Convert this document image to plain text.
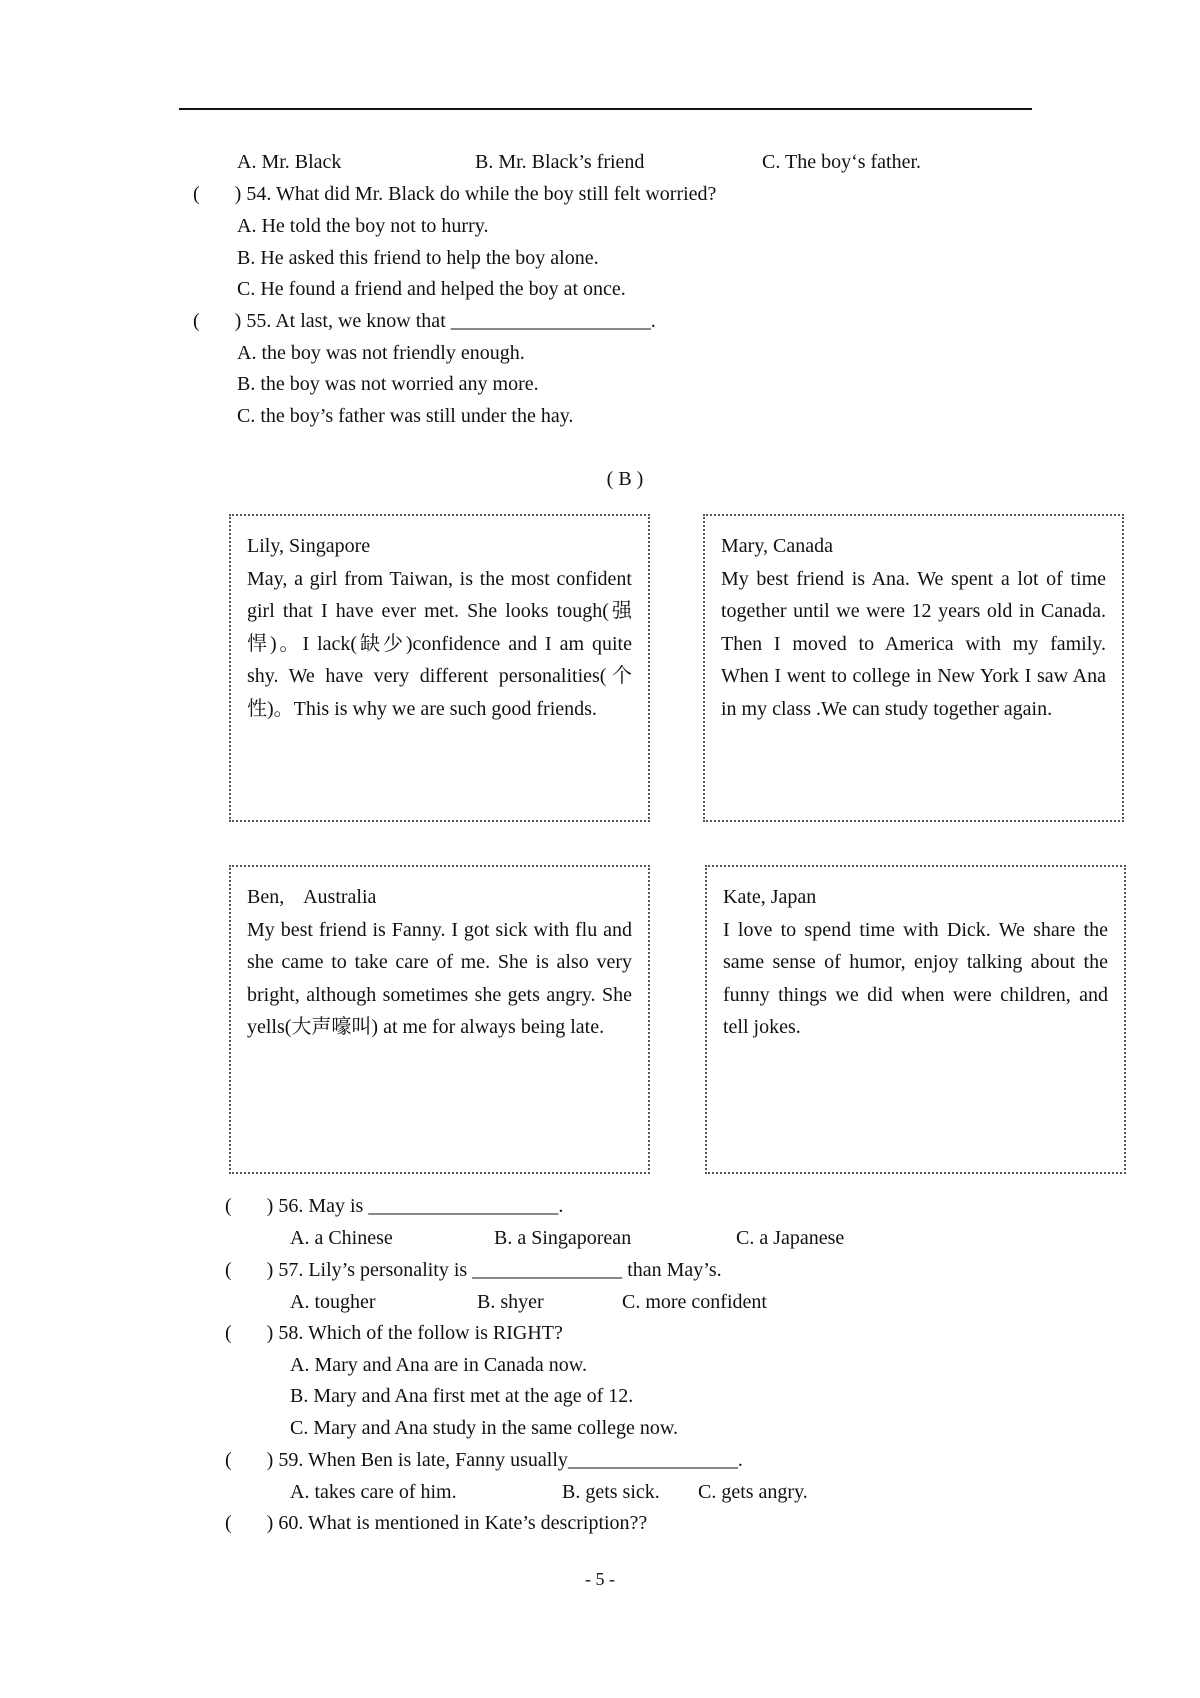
A. Mr. Black	B. Mr. Black’s friend	C. The boy‘s father.
(       ) 54. What did Mr. Black do while the boy still felt worried?
A. He told the boy not to hurry.
B. He asked this friend to help the boy alone.
C. He found a friend and helped the boy at once.
(       ) 55. At last, we know that ____________________.
A. the boy was not friendly enough.
B. the boy was not worried any more.
C. the boy’s father was still under the hay.
( B )
Lily, Singapore
May, a girl from Taiwan, is the most confident girl that I have ever met. She looks tough(强悍)。I lack(缺少)confidence and I am quite shy. We have very different personalities(个性)。This is why we are such good friends.
Mary, Canada
My best friend is Ana. We spent a lot of time together until we were 12 years old in Canada. Then I moved to America with my family. When I went to college in New York I saw Ana in my class .We can study together again.
Ben,    Australia
My best friend is Fanny. I got sick with flu and she came to take care of me. She is also very bright, although sometimes she gets angry. She yells(大声嚎叫) at me for always being late.
Kate, Japan
I love to spend time with Dick. We share the same sense of humor, enjoy talking about the funny things we did when were children, and tell jokes.
(       ) 56. May is ___________________.
A. a Chinese	B. a Singaporean	C. a Japanese
(       ) 57. Lily’s personality is _______________ than May’s.
A. tougher	B. shyer	C. more confident
(       ) 58. Which of the follow is RIGHT?
A. Mary and Ana are in Canada now.
B. Mary and Ana first met at the age of 12.
C. Mary and Ana study in the same college now.
(       ) 59. When Ben is late, Fanny usually_________________.
A. takes care of him.	B. gets sick. C. gets angry.
(       ) 60. What is mentioned in Kate’s description??
- 5 -
